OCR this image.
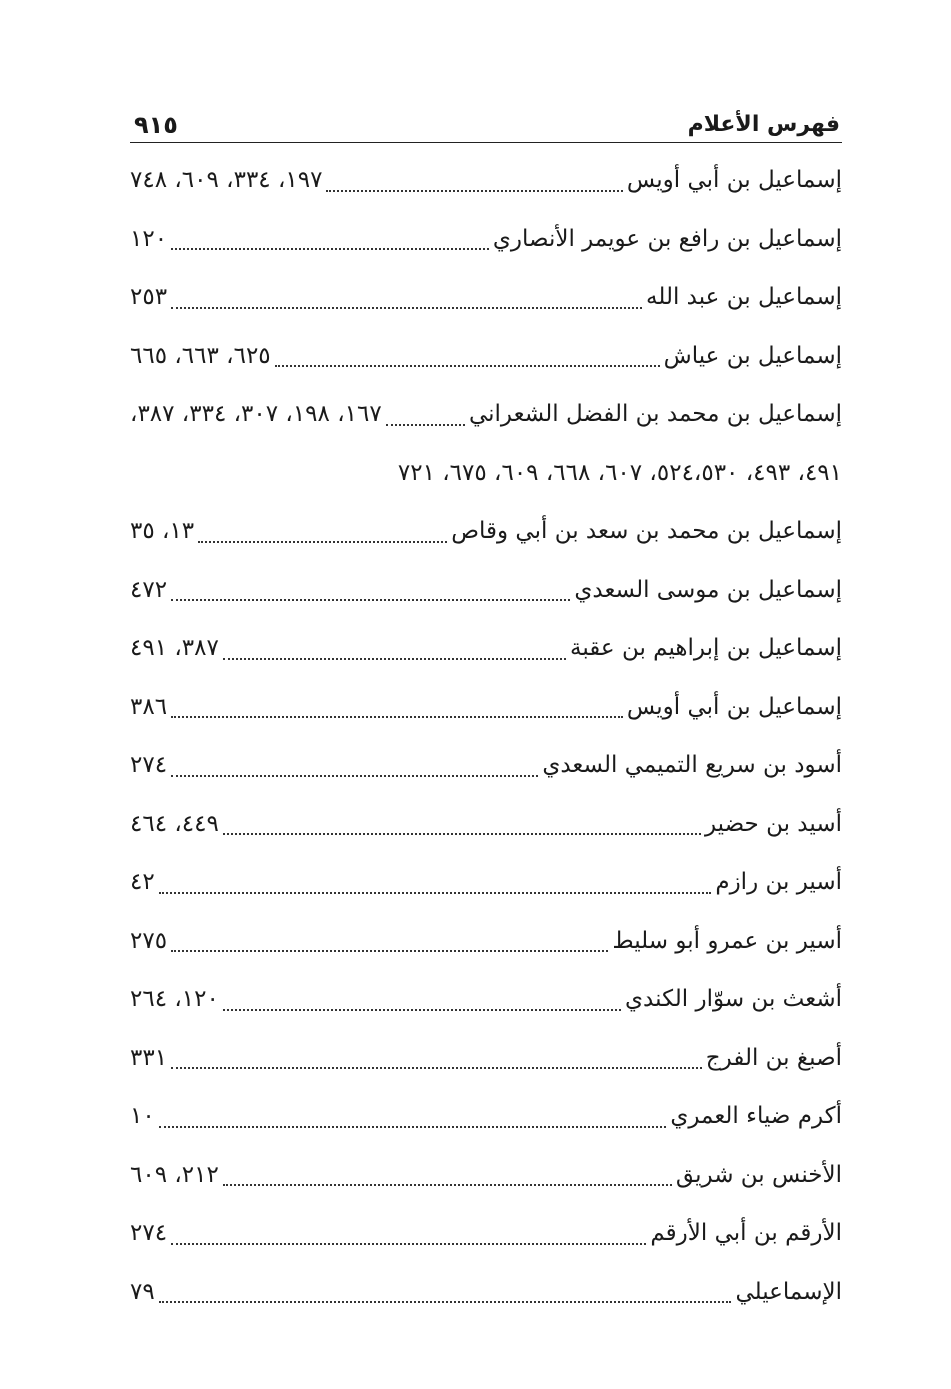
فهرس الأعلام
٩١٥
إسماعيل بن أبي أويس
١٩٧، ٣٣٤، ٦٠٩، ٧٤٨
إسماعيل بن رافع بن عويمر الأنصاري
١٢٠
إسماعيل بن عبد الله
٢٥٣
إسماعيل بن عياش
٦٢٥، ٦٦٣، ٦٦٥
إسماعيل بن محمد بن الفضل الشعراني
١٦٧، ١٩٨، ٣٠٧، ٣٣٤، ٣٨٧،
٤٩١، ٤٩٣، ٥٢٤،٥٣٠، ٦٠٧، ٦٦٨، ٦٠٩، ٦٧٥، ٧٢١
إسماعيل بن محمد بن سعد بن أبي وقاص
١٣، ٣٥
إسماعيل بن موسى السعدي
٤٧٢
إسماعيل بن إبراهيم بن عقبة
٣٨٧، ٤٩١
إسماعيل بن أبي أويس
٣٨٦
أسود بن سريع التميمي السعدي
٢٧٤
أسيد بن حضير
٤٤٩، ٤٦٤
أسير بن رازم
٤٢
أسير بن عمرو أبو سليط
٢٧٥
أشعث بن سوّار الكندي
١٢٠، ٢٦٤
أصبغ بن الفرج
٣٣١
أكرم ضياء العمري
١٠
الأخنس بن شريق
٢١٢، ٦٠٩
الأرقم بن أبي الأرقم
٢٧٤
الإسماعيلي
٧٩
